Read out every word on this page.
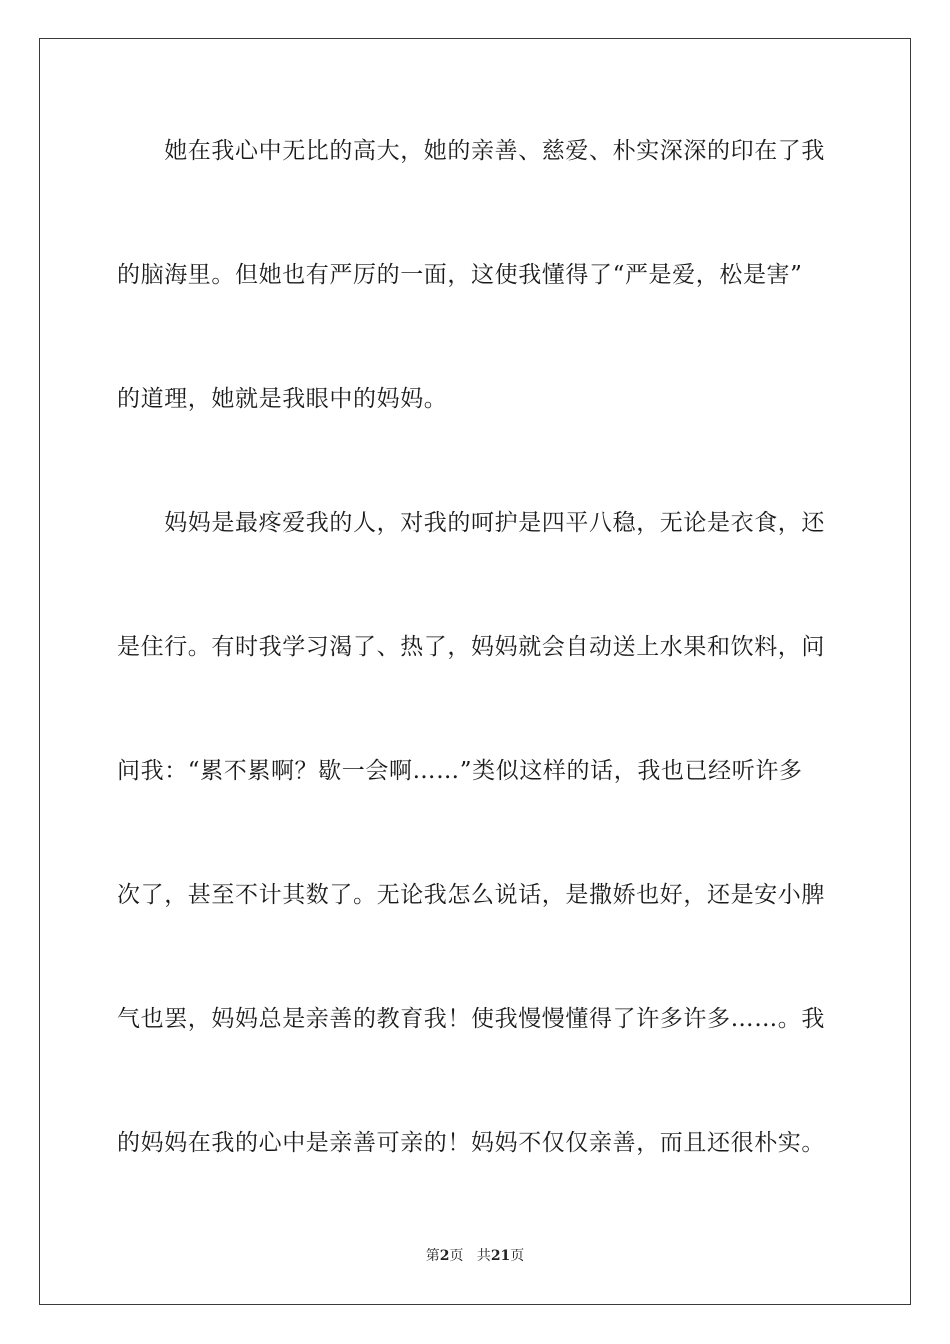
　　她在我心中无比的高大，她的亲善、慈爱、朴实深深的印在了我
的脑海里。但她也有严厉的一面，这使我懂得了“严是爱，松是害”
的道理，她就是我眼中的妈妈。
　　妈妈是最疼爱我的人，对我的呵护是四平八稳，无论是衣食，还
是住行。有时我学习渴了、热了，妈妈就会自动送上水果和饮料，问
问我：“累不累啊？歇一会啊……”类似这样的话，我也已经听许多
次了，甚至不计其数了。无论我怎么说话，是撒娇也好，还是安小脾
气也罢，妈妈总是亲善的教育我！使我慢慢懂得了许多许多……。我
的妈妈在我的心中是亲善可亲的！妈妈不仅仅亲善，而且还很朴实。
第2页 共21页
